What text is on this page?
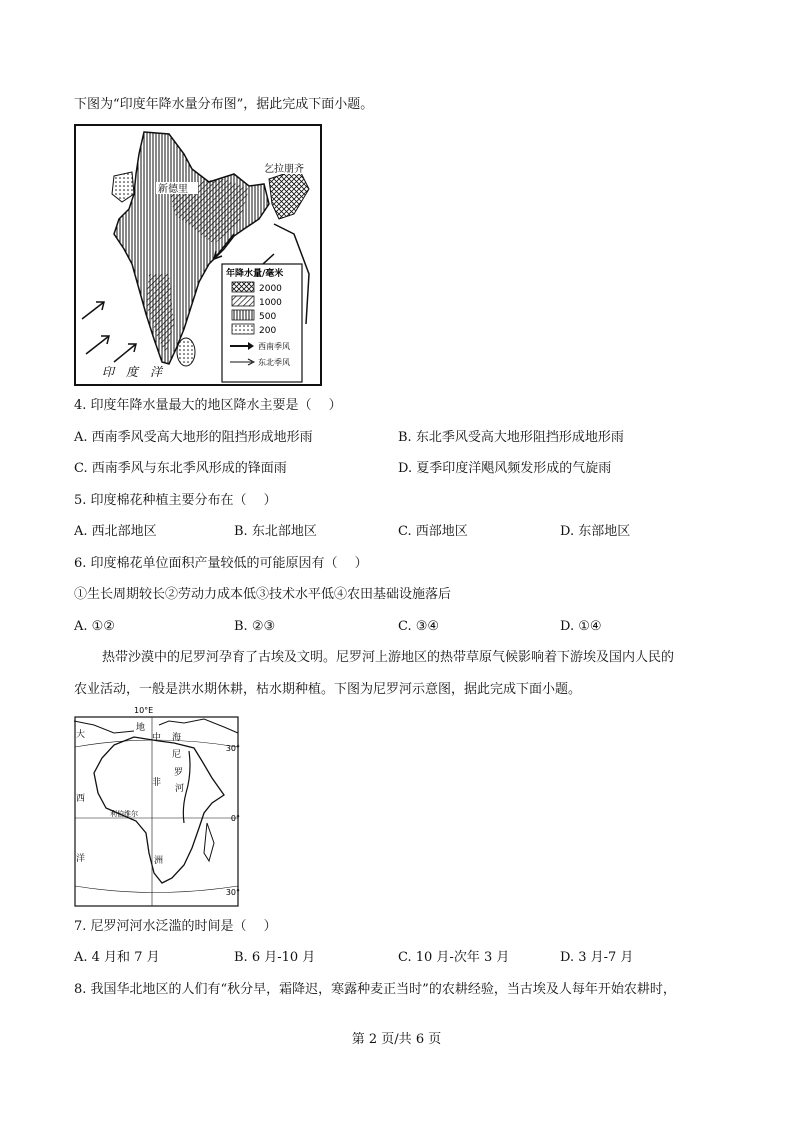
下图为“印度年降水量分布图”，据此完成下面小题。
新德里
乞拉朋齐
印　度　洋
年降水量/毫米
2000
1000
500
200
西南季风
东北季风
4. 印度年降水量最大的地区降水主要是（　 ）
A. 西南季风受高大地形的阻挡形成地形雨	B. 东北季风受高大地形阻挡形成地形雨
C. 西南季风与东北季风形成的锋面雨	D. 夏季印度洋飓风频发形成的气旋雨
5. 印度棉花种植主要分布在（　 ）
A. 西北部地区	B. 东北部地区	C. 西部地区	D. 东部地区
6. 印度棉花单位面积产量较低的可能原因有（　 ）
①生长周期较长②劳动力成本低③技术水平低④农田基础设施落后
A. ①②	B. ②③	C. ③④	D. ①④
热带沙漠中的尼罗河孕育了古埃及文明。尼罗河上游地区的热带草原气候影响着下游埃及国内人民的
农业活动，一般是洪水期休耕，枯水期种植。下图为尼罗河示意图，据此完成下面小题。
10°E
大
西
洋
地
中 海
尼
罗
河
非
洲
利伯维尔
30°
0°
30°
7. 尼罗河河水泛滥的时间是（　 ）
A. 4 月和 7 月	B. 6 月-10 月	C. 10 月-次年 3 月	D. 3 月-7 月
8. 我国华北地区的人们有“秋分早，霜降迟，寒露种麦正当时”的农耕经验，当古埃及人每年开始农耕时，
第 2 页/共 6 页
